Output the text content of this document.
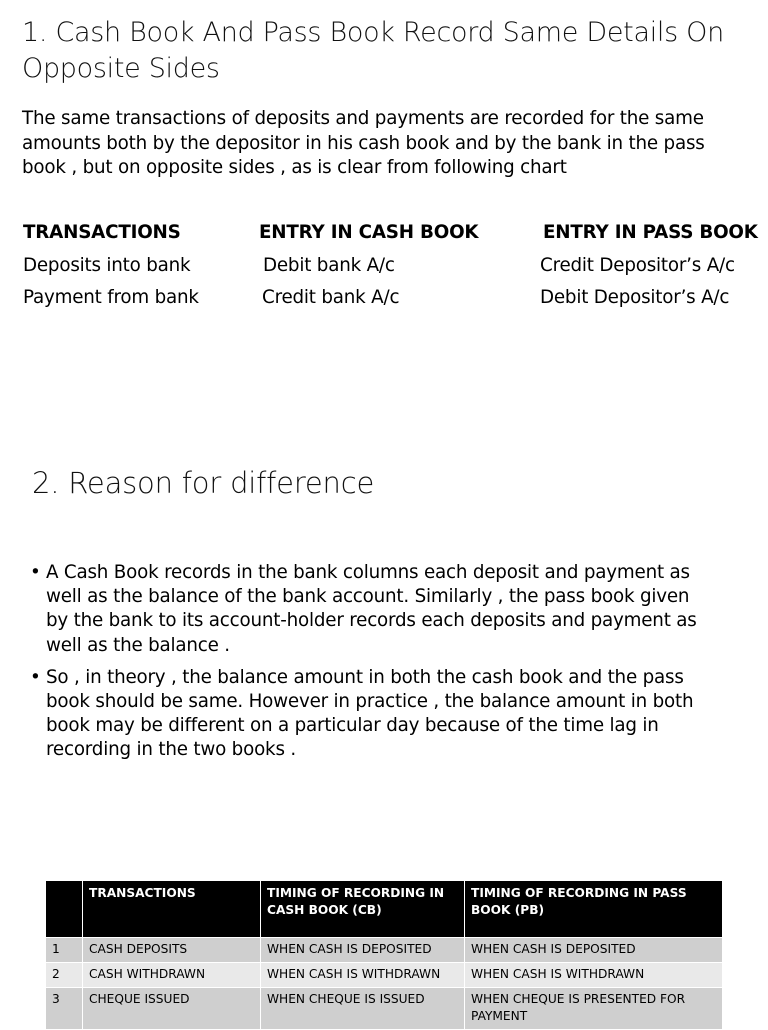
1. Cash Book And Pass Book Record Same Details On Opposite Sides
The same transactions of deposits and payments are recorded for the same amounts both by the depositor in his cash book and by the bank in the pass book , but on opposite sides , as is clear from following chart
TRANSACTIONS	ENTRY IN CASH BOOK	ENTRY IN PASS BOOK
Deposits into bank	Debit bank A/c	Credit Depositor’s A/c
Payment from bank	Credit bank A/c	Debit Depositor’s A/c
2. Reason for difference
• A Cash Book records in the bank columns each deposit and payment as well as the balance of the bank account. Similarly , the pass book given by the bank to its account-holder records each deposits and payment as well as the balance .
• So , in theory , the balance amount in both the cash book and the pass book should be same. However in practice , the balance amount in both book may be different on a particular day because of the time lag in recording in the two books .
	TRANSACTIONS	TIMING OF RECORDING IN CASH BOOK (CB)	TIMING OF RECORDING IN PASS BOOK (PB)
1	CASH DEPOSITS	WHEN CASH IS DEPOSITED	WHEN CASH IS DEPOSITED
2	CASH WITHDRAWN	WHEN CASH IS WITHDRAWN	WHEN CASH IS WITHDRAWN
3	CHEQUE ISSUED	WHEN CHEQUE IS ISSUED	WHEN CHEQUE IS PRESENTED FOR PAYMENT
